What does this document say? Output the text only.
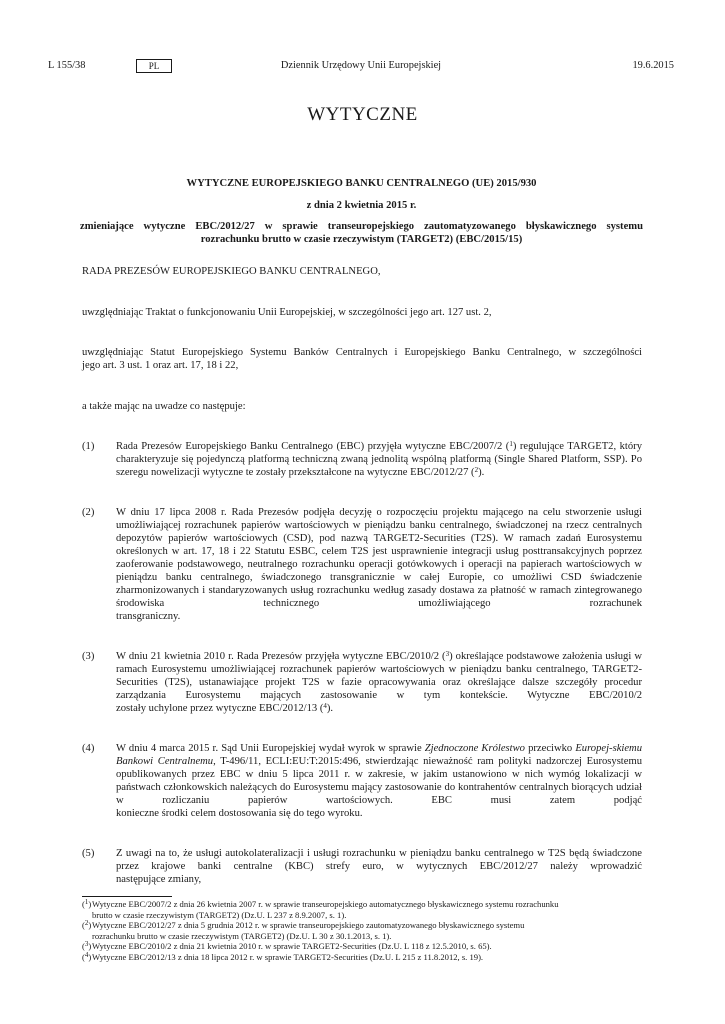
L 155/38	PL	Dziennik Urzędowy Unii Europejskiej	19.6.2015
WYTYCZNE
WYTYCZNE EUROPEJSKIEGO BANKU CENTRALNEGO (UE) 2015/930
z dnia 2 kwietnia 2015 r.
zmieniające wytyczne EBC/2012/27 w sprawie transeuropejskiego zautomatyzowanego błyskawicznego systemu rozrachunku brutto w czasie rzeczywistym (TARGET2) (EBC/2015/15)
RADA PREZESÓW EUROPEJSKIEGO BANKU CENTRALNEGO,
uwzględniając Traktat o funkcjonowaniu Unii Europejskiej, w szczególności jego art. 127 ust. 2,
uwzględniając Statut Europejskiego Systemu Banków Centralnych i Europejskiego Banku Centralnego, w szczególności
jego art. 3 ust. 1 oraz art. 17, 18 i 22,
a także mając na uwadze co następuje:
(1) Rada Prezesów Europejskiego Banku Centralnego (EBC) przyjęła wytyczne EBC/2007/2 ($^1$) regulujące TARGET2, który charakteryzuje się pojedynczą platformą techniczną zwaną jednolitą wspólną platformą (Single Shared Platform, SSP). Po szeregu nowelizacji wytyczne te zostały przekształcone na wytyczne EBC/2012/27 ($^2$).
(2) W dniu 17 lipca 2008 r. Rada Prezesów podjęła decyzję o rozpoczęciu projektu mającego na celu stworzenie usługi umożliwiającej rozrachunek papierów wartościowych w pieniądzu banku centralnego, świadczonej na rzecz centralnych depozytów papierów wartościowych (CSD), pod nazwą TARGET2-Securities (T2S). W ramach zadań Eurosystemu określonych w art. 17, 18 i 22 Statutu ESBC, celem T2S jest usprawnienie integracji usług posttransakcyjnych poprzez zaoferowanie podstawowego, neutralnego rozrachunku operacji gotówkowych i operacji na papierach wartościowych w pieniądzu banku centralnego, świadczonego transgranicznie w całej Europie, co umożliwi CSD świadczenie zharmonizowanych i standaryzowanych usług rozrachunku według zasady dostawa za płatność w ramach zintegrowanego środowiska technicznego umożliwiającego rozrachunek
transgraniczny.
(3) W dniu 21 kwietnia 2010 r. Rada Prezesów przyjęła wytyczne EBC/2010/2 ($^3$) określające podstawowe założenia usługi w ramach Eurosystemu umożliwiającej rozrachunek papierów wartościowych w pieniądzu banku centralnego, TARGET2-Securities (T2S), ustanawiające projekt T2S w fazie opracowywania oraz określające dalsze szczegóły procedur zarządzania Eurosystemu mających zastosowanie w tym kontekście. Wytyczne EBC/2010/2
zostały uchylone przez wytyczne EBC/2012/13 ($^4$).
(4) W dniu 4 marca 2015 r. Sąd Unii Europejskiej wydał wyrok w sprawie Zjednoczone Królestwo przeciwko Europej-skiemu Bankowi Centralnemu, T-496/11, ECLI:EU:T:2015:496, stwierdzając nieważność ram polityki nadzorczej Eurosystemu opublikowanych przez EBC w dniu 5 lipca 2011 r. w zakresie, w jakim ustanowiono w nich wymóg lokalizacji w państwach członkowskich należących do Eurosystemu mający zastosowanie do kontrahentów centralnych biorących udział w rozliczaniu papierów wartościowych. EBC musi zatem podjąć
konieczne środki celem dostosowania się do tego wyroku.
(5) Z uwagi na to, że usługi autokolateralizacji i usługi rozrachunku w pieniądzu banku centralnego w T2S będą świadczone przez krajowe banki centralne (KBC) strefy euro, w wytycznych EBC/2012/27 należy wprowadzić
następujące zmiany,
($^1$) Wytyczne EBC/2007/2 z dnia 26 kwietnia 2007 r. w sprawie transeuropejskiego automatycznego błyskawicznego systemu rozrachunku
brutto w czasie rzeczywistym (TARGET2) (Dz.U. L 237 z 8.9.2007, s. 1).
($^2$) Wytyczne EBC/2012/27 z dnia 5 grudnia 2012 r. w sprawie transeuropejskiego zautomatyzowanego błyskawicznego systemu
rozrachunku brutto w czasie rzeczywistym (TARGET2) (Dz.U. L 30 z 30.1.2013, s. 1).
($^3$) Wytyczne EBC/2010/2 z dnia 21 kwietnia 2010 r. w sprawie TARGET2-Securities (Dz.U. L 118 z 12.5.2010, s. 65).
($^4$) Wytyczne EBC/2012/13 z dnia 18 lipca 2012 r. w sprawie TARGET2-Securities (Dz.U. L 215 z 11.8.2012, s. 19).
